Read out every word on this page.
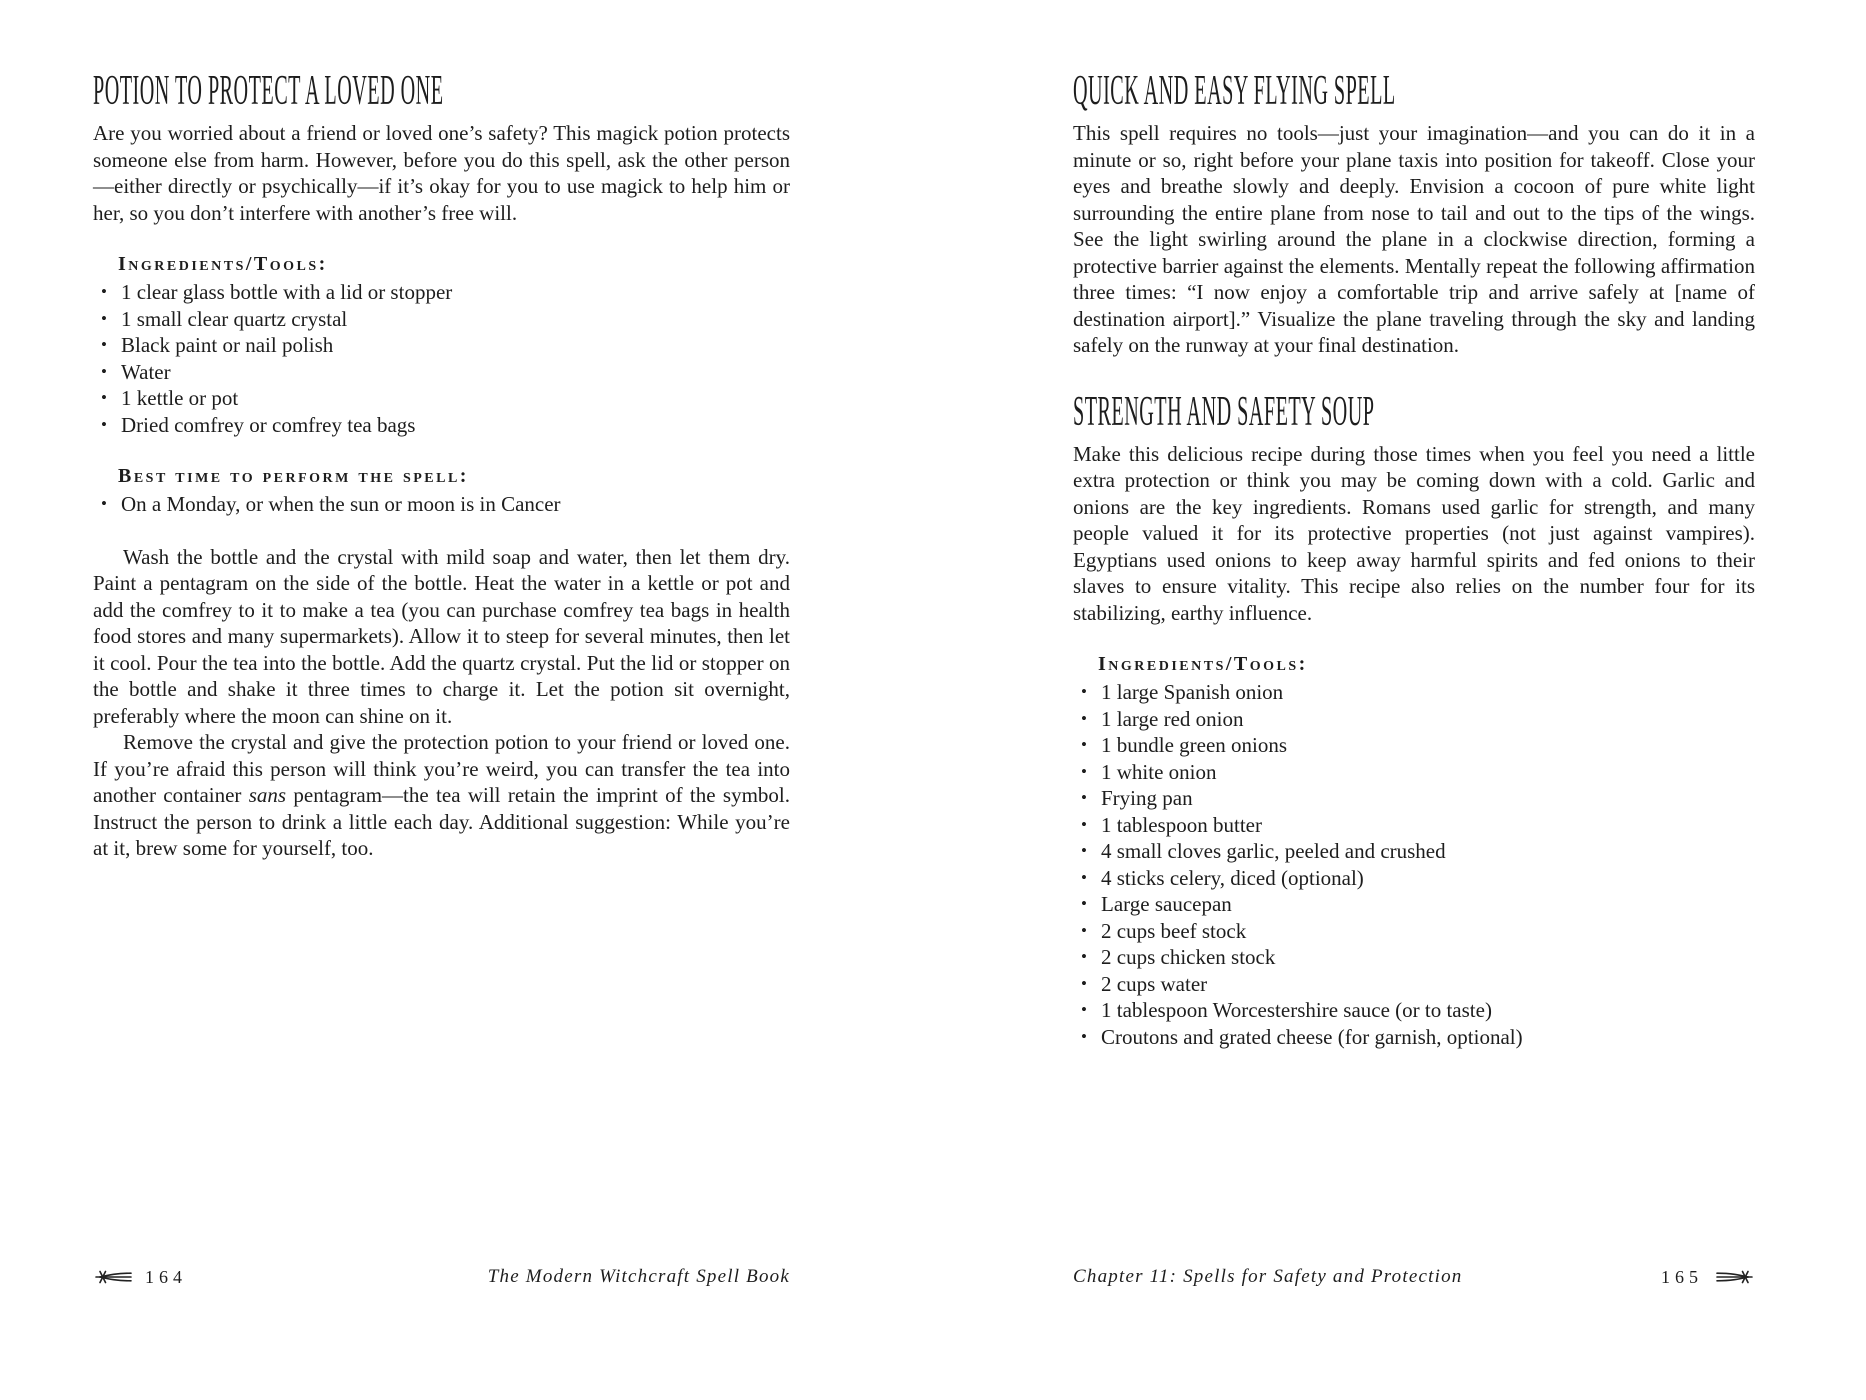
POTION TO PROTECT A LOVED ONE

Are you worried about a friend or loved one’s safety? This magick potion protects someone else from harm. However, before you do this spell, ask the other person—either directly or psychically—if it’s okay for you to use magick to help him or her, so you don’t interfere with another’s free will.

Ingredients/Tools:
• 1 clear glass bottle with a lid or stopper
• 1 small clear quartz crystal
• Black paint or nail polish
• Water
• 1 kettle or pot
• Dried comfrey or comfrey tea bags
Best time to perform the spell:
• On a Monday, or when the sun or moon is in Cancer

Wash the bottle and the crystal with mild soap and water, then let them dry. Paint a pentagram on the side of the bottle. Heat the water in a kettle or pot and add the comfrey to it to make a tea (you can purchase comfrey tea bags in health food stores and many supermarkets). Allow it to steep for several minutes, then let it cool. Pour the tea into the bottle. Add the quartz crystal. Put the lid or stopper on the bottle and shake it three times to charge it. Let the potion sit overnight, preferably where the moon can shine on it.

Remove the crystal and give the protection potion to your friend or loved one. If you’re afraid this person will think you’re weird, you can transfer the tea into another container sans pentagram—the tea will retain the imprint of the symbol. Instruct the person to drink a little each day. Additional suggestion: While you’re at it, brew some for yourself, too.

QUICK AND EASY FLYING SPELL

This spell requires no tools—just your imagination—and you can do it in a minute or so, right before your plane taxis into position for takeoff. Close your eyes and breathe slowly and deeply. Envision a cocoon of pure white light surrounding the entire plane from nose to tail and out to the tips of the wings. See the light swirling around the plane in a clockwise direction, forming a protective barrier against the elements. Mentally repeat the following affirmation three times: “I now enjoy a comfortable trip and arrive safely at [name of destination airport].” Visualize the plane traveling through the sky and landing safely on the runway at your final destination.

STRENGTH AND SAFETY SOUP

Make this delicious recipe during those times when you feel you need a little extra protection or think you may be coming down with a cold. Garlic and onions are the key ingredients. Romans used garlic for strength, and many people valued it for its protective properties (not just against vampires). Egyptians used onions to keep away harmful spirits and fed onions to their slaves to ensure vitality. This recipe also relies on the number four for its stabilizing, earthy influence.

Ingredients/Tools:
• 1 large Spanish onion
• 1 large red onion
• 1 bundle green onions
• 1 white onion
• Frying pan
• 1 tablespoon butter
• 4 small cloves garlic, peeled and crushed
• 4 sticks celery, diced (optional)
• Large saucepan
• 2 cups beef stock
• 2 cups chicken stock
• 2 cups water
• 1 tablespoon Worcestershire sauce (or to taste)
• Croutons and grated cheese (for garnish, optional)
164	The Modern Witchcraft Spell Book	Chapter 11: Spells for Safety and Protection	165
